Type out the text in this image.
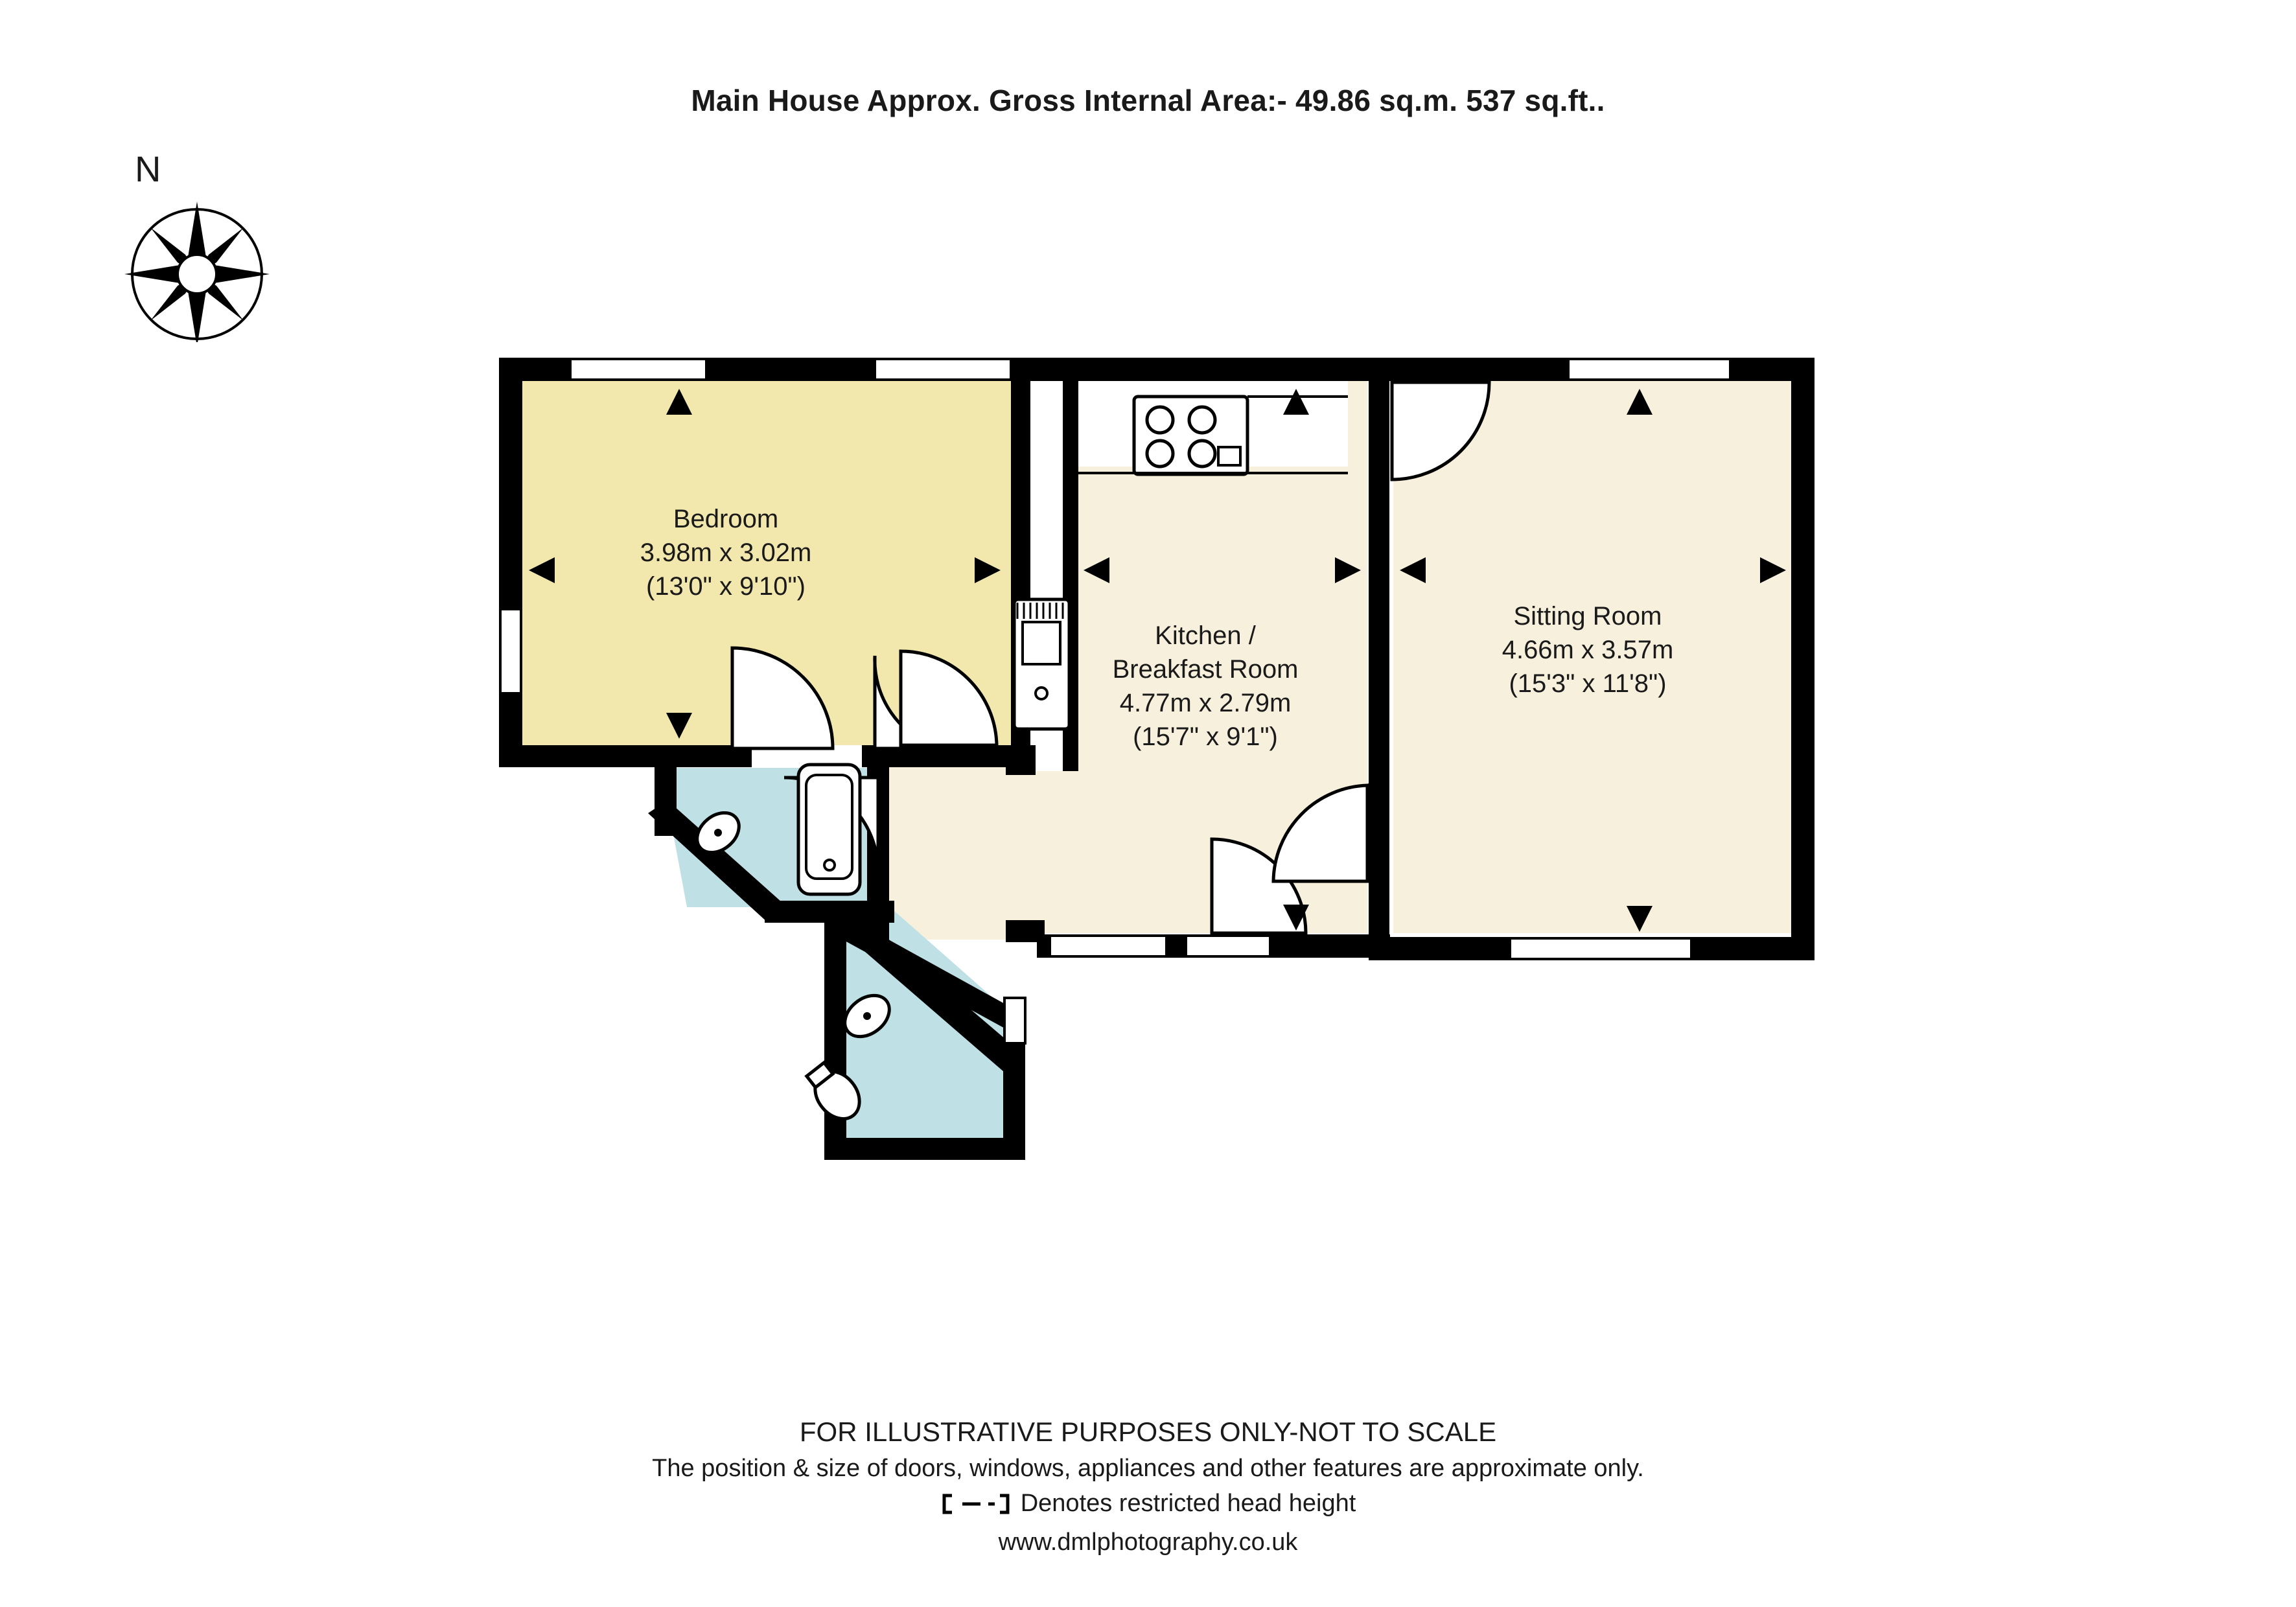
Main House Approx. Gross Internal Area:- 49.86 sq.m. 537 sq.ft..
N
Bedroom
3.98m x 3.02m
(13'0" x 9'10")
Kitchen /
Breakfast Room
4.77m x 2.79m
(15'7" x 9'1")
Sitting Room
4.66m x 3.57m
(15'3" x 11'8")
FOR ILLUSTRATIVE PURPOSES ONLY-NOT TO SCALE
The position & size of doors, windows, appliances and other features are approximate only.
Denotes restricted head height
www.dmlphotography.co.uk
